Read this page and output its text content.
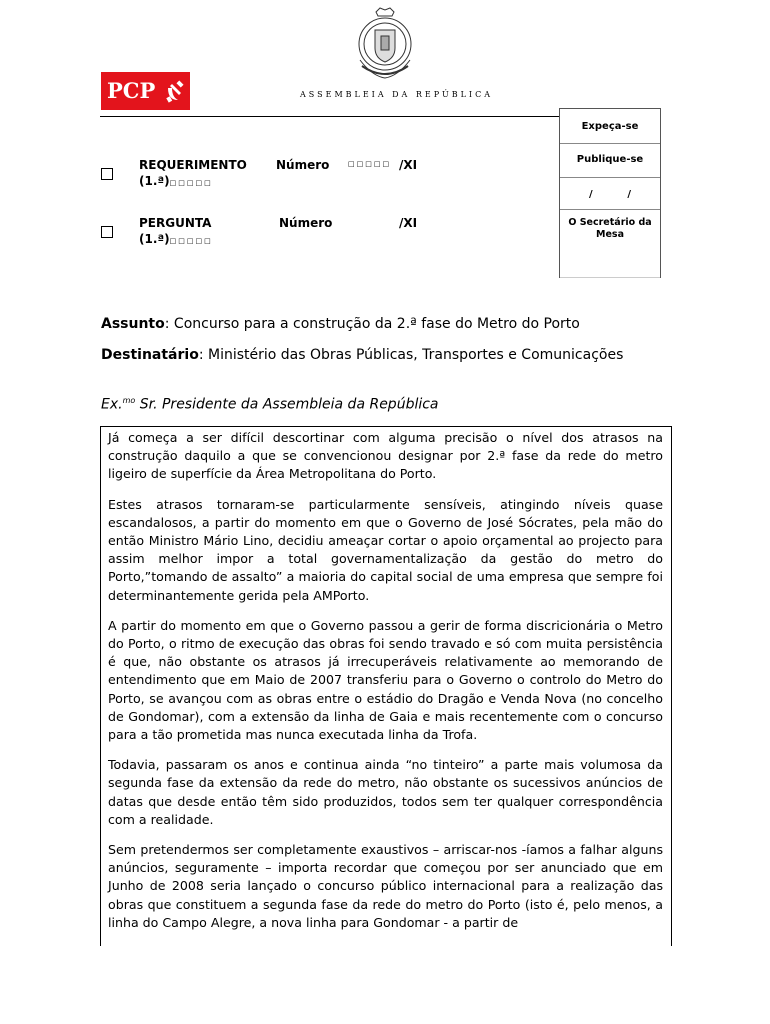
PCP	ASSEMBLEIA DA REPÚBLICA
Expeça-se
Publique-se
/          /
O Secretário da Mesa
REQUERIMENTO Número	□□□□□ /XI
(1.ª)□□□□□
PERGUNTA	Número	/XI
(1.ª)□□□□□
Assunto: Concurso para a construção da 2.ª fase do Metro do Porto
Destinatário: Ministério das Obras Públicas, Transportes e Comunicações
Ex.$^{mo}$ Sr. Presidente da Assembleia da República

Já começa a ser difícil descortinar com alguma precisão o nível dos atrasos na construção daquilo a que se convencionou designar por 2.ª fase da rede do metro ligeiro de superfície da Área Metropolitana do Porto.

Estes atrasos tornaram-se particularmente sensíveis, atingindo níveis quase escandalosos, a partir do momento em que o Governo de José Sócrates, pela mão do então Ministro Mário Lino, decidiu ameaçar cortar o apoio orçamental ao projecto para assim melhor impor a total governamentalização da gestão do metro do Porto,”tomando de assalto” a maioria do capital social de uma empresa que sempre foi determinantemente gerida pela AMPorto.

A partir do momento em que o Governo passou a gerir de forma discricionária o Metro do Porto, o ritmo de execução das obras foi sendo travado e só com muita persistência é que, não obstante os atrasos já irrecuperáveis relativamente ao memorando de entendimento que em Maio de 2007 transferiu para o Governo o controlo do Metro do Porto, se avançou com as obras entre o estádio do Dragão e Venda Nova (no concelho de Gondomar), com a extensão da linha de Gaia e mais recentemente com o concurso para a tão prometida mas nunca executada linha da Trofa.

Todavia, passaram os anos e continua ainda “no tinteiro” a parte mais volumosa da segunda fase da extensão da rede do metro, não obstante os sucessivos anúncios de datas que desde então têm sido produzidos, todos sem ter qualquer correspondência com a realidade.

Sem pretendermos ser completamente exaustivos – arriscar-nos -íamos a falhar alguns anúncios, seguramente – importa recordar que começou por ser anunciado que em Junho de 2008 seria lançado o concurso público internacional para a realização das obras que constituem a segunda fase da rede do metro do Porto (isto é, pelo menos, a linha do Campo Alegre, a nova linha para Gondomar - a partir de
